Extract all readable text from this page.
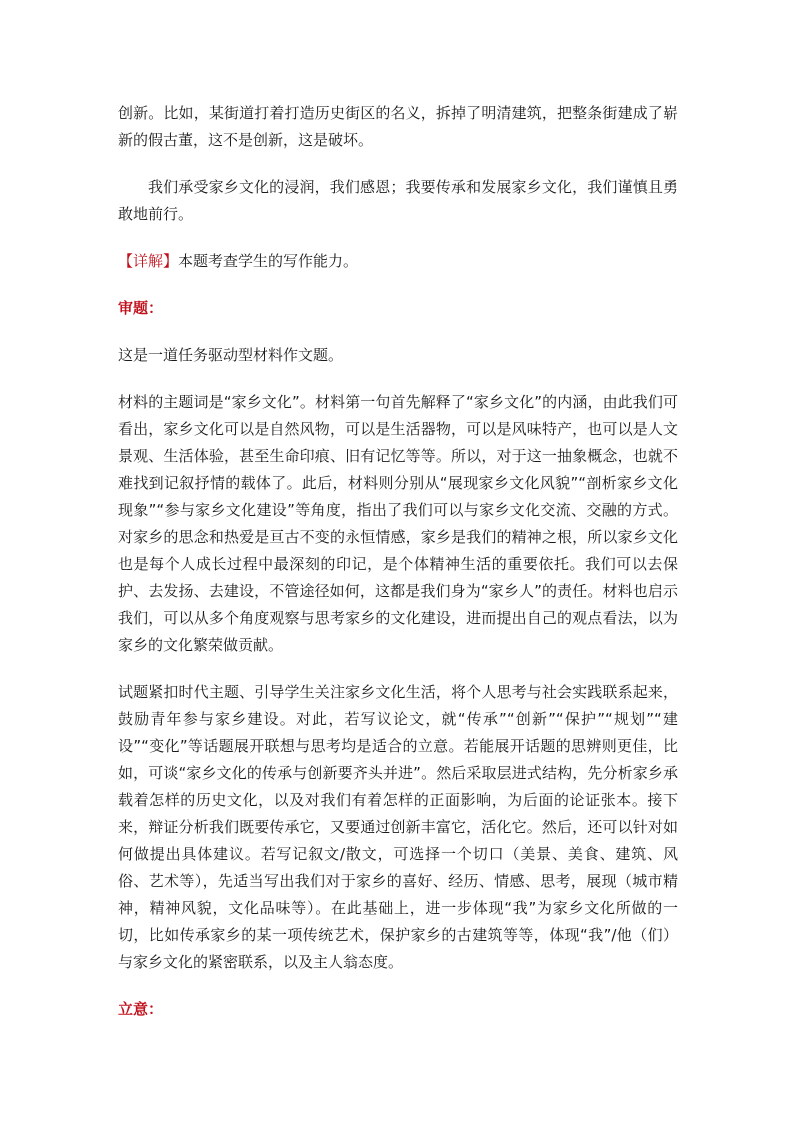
创新。比如，某街道打着打造历史街区的名义，拆掉了明清建筑，把整条街建成了崭新的假古董，这不是创新，这是破坏。

我们承受家乡文化的浸润，我们感恩；我要传承和发展家乡文化，我们谨慎且勇敢地前行。

【详解】本题考查学生的写作能力。

审题：

这是一道任务驱动型材料作文题。

材料的主题词是“家乡文化”。材料第一句首先解释了“家乡文化”的内涵，由此我们可看出，家乡文化可以是自然风物，可以是生活器物，可以是风味特产，也可以是人文景观、生活体验，甚至生命印痕、旧有记忆等等。所以，对于这一抽象概念，也就不难找到记叙抒情的载体了。此后，材料则分别从“展现家乡文化风貌”“剖析家乡文化现象”“参与家乡文化建设”等角度，指出了我们可以与家乡文化交流、交融的方式。对家乡的思念和热爱是亘古不变的永恒情感，家乡是我们的精神之根，所以家乡文化也是每个人成长过程中最深刻的印记，是个体精神生活的重要依托。我们可以去保护、去发扬、去建设，不管途径如何，这都是我们身为“家乡人”的责任。材料也启示我们，可以从多个角度观察与思考家乡的文化建设，进而提出自己的观点看法，以为家乡的文化繁荣做贡献。

试题紧扣时代主题、引导学生关注家乡文化生活，将个人思考与社会实践联系起来，鼓励青年参与家乡建设。对此，若写议论文，就“传承”“创新”“保护”“规划”“建设”“变化”等话题展开联想与思考均是适合的立意。若能展开话题的思辨则更佳，比如，可谈“家乡文化的传承与创新要齐头并进”。然后采取层进式结构，先分析家乡承载着怎样的历史文化，以及对我们有着怎样的正面影响，为后面的论证张本。接下来，辩证分析我们既要传承它，又要通过创新丰富它，活化它。然后，还可以针对如何做提出具体建议。若写记叙文/散文，可选择一个切口（美景、美食、建筑、风俗、艺术等），先适当写出我们对于家乡的喜好、经历、情感、思考，展现（城市精神，精神风貌，文化品味等）。在此基础上，进一步体现“我”为家乡文化所做的一切，比如传承家乡的某一项传统艺术，保护家乡的古建筑等等，体现“我”/他（们）与家乡文化的紧密联系，以及主人翁态度。

立意：
